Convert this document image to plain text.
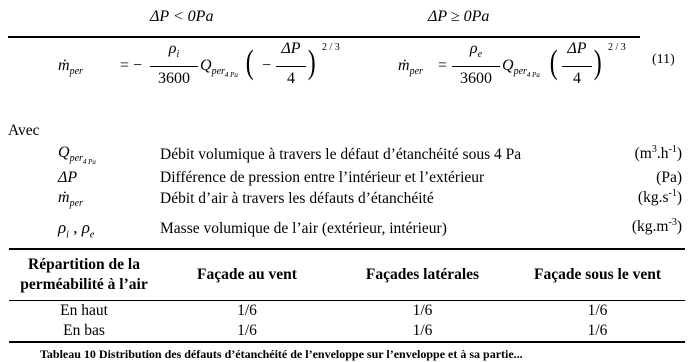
ΔP < 0Pa	ΔP ≥ 0Pa
ṁ$_{per}$ = −
$\rho_i$
3600
$Q_{per_{4 Pa}}$ ( −
ΔP
4 ) 2 / 3
ṁ$_{per}$ =
$\rho_e$
3600
$Q_{per_{4 Pa}}$ ( ΔP
4 ) 2 / 3
(11)
Avec
$Q_{per_{4 Pa}}$	Débit volumique à travers le défaut d’étanchéité sous 4 Pa	$(m^3.h^{-1})$
ΔP	Différence de pression entre l’intérieur et l’extérieur	(Pa)
ṁ$_{per}$	Débit d’air à travers les défauts d’étanchéité	$(kg.s^{-1})$
$\rho_i$ , $\rho_e$	Masse volumique de l’air (extérieur, intérieur)	$(kg.m^{-3})$
Répartition de la
perméabilité à l’air	Façade au vent	Façades latérales	Façade sous le vent
En haut	1/6	1/6	1/6
En bas	1/6	1/6	1/6
Tableau 10 Distribution des défauts d’étanchéité de l’enveloppe sur l’enveloppe et à sa partie...
